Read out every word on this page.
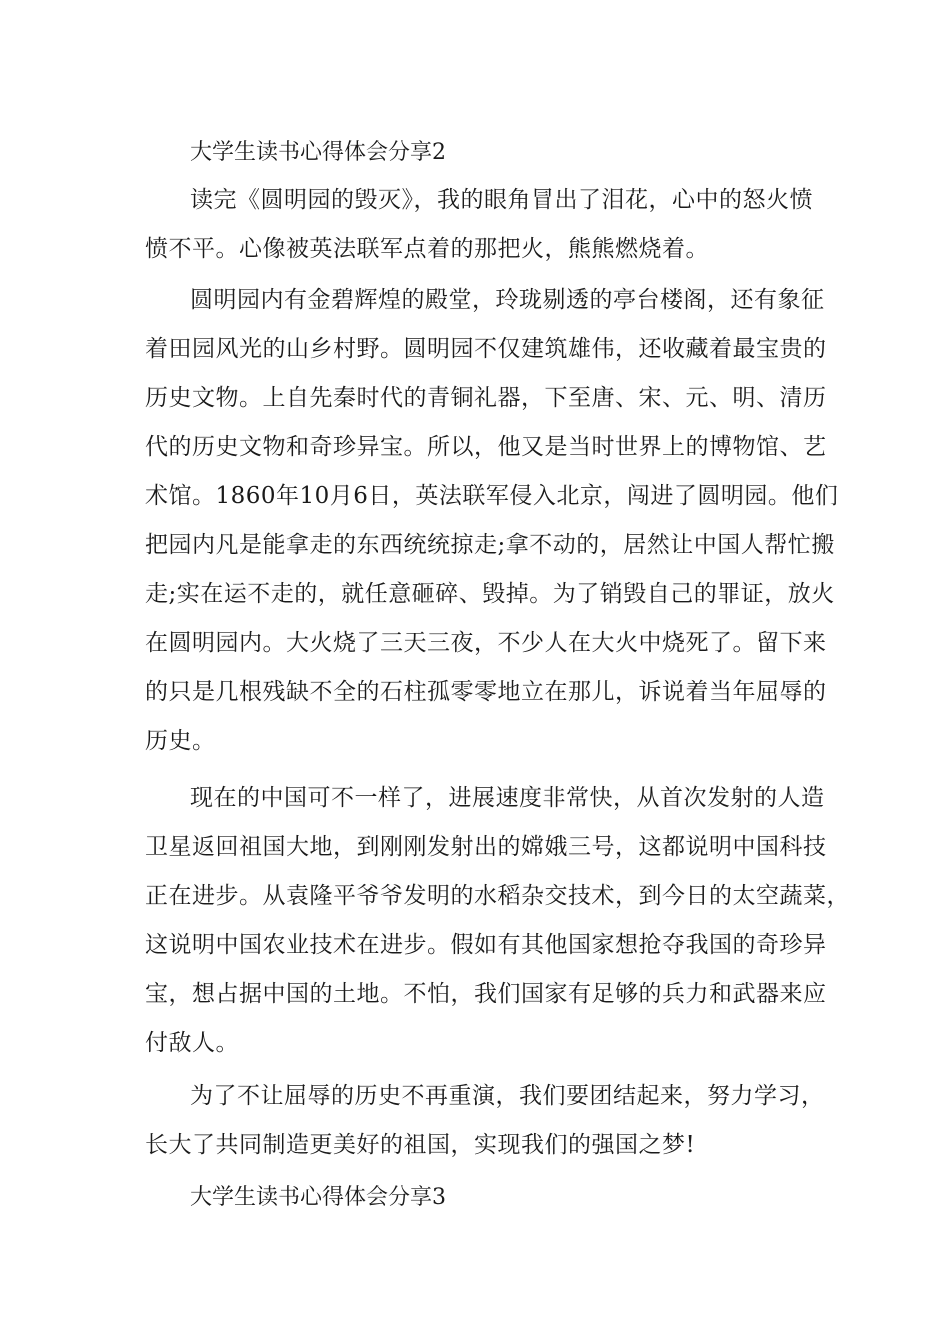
大学生读书心得体会分享2
读完《圆明园的毁灭》，我的眼角冒出了泪花，心中的怒火愤
愤不平。心像被英法联军点着的那把火，熊熊燃烧着。
圆明园内有金碧辉煌的殿堂，玲珑剔透的亭台楼阁，还有象征
着田园风光的山乡村野。圆明园不仅建筑雄伟，还收藏着最宝贵的
历史文物。上自先秦时代的青铜礼器，下至唐、宋、元、明、清历
代的历史文物和奇珍异宝。所以，他又是当时世界上的博物馆、艺
术馆。1860年10月6日，英法联军侵入北京，闯进了圆明园。他们
把园内凡是能拿走的东西统统掠走;拿不动的，居然让中国人帮忙搬
走;实在运不走的，就任意砸碎、毁掉。为了销毁自己的罪证，放火
在圆明园内。大火烧了三天三夜，不少人在大火中烧死了。留下来
的只是几根残缺不全的石柱孤零零地立在那儿，诉说着当年屈辱的
历史。
现在的中国可不一样了，进展速度非常快，从首次发射的人造
卫星返回祖国大地，到刚刚发射出的嫦娥三号，这都说明中国科技
正在进步。从袁隆平爷爷发明的水稻杂交技术，到今日的太空蔬菜，
这说明中国农业技术在进步。假如有其他国家想抢夺我国的奇珍异
宝，想占据中国的土地。不怕，我们国家有足够的兵力和武器来应
付敌人。
为了不让屈辱的历史不再重演，我们要团结起来，努力学习，
长大了共同制造更美好的祖国，实现我们的强国之梦!
大学生读书心得体会分享3
